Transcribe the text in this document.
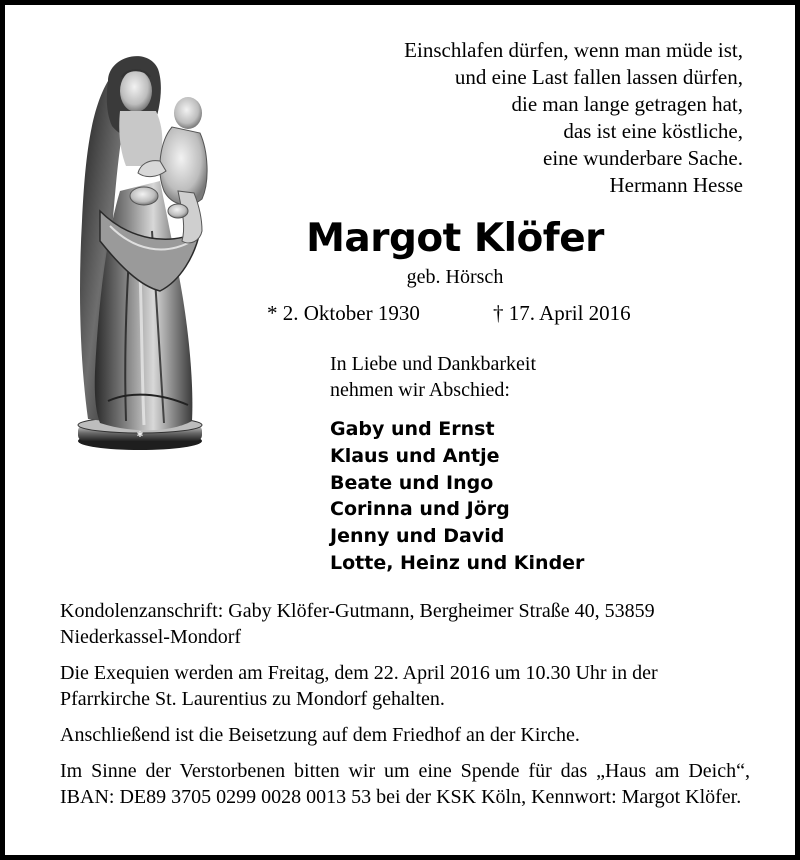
✱
Einschlafen dürfen, wenn man müde ist,
und eine Last fallen lassen dürfen,
die man lange getragen hat,
das ist eine köstliche,
eine wunderbare Sache.
Hermann Hesse
Margot Klöfer
geb. Hörsch
* 2. Oktober 1930	† 17. April 2016
In Liebe und Dankbarkeit
nehmen wir Abschied:
Gaby und Ernst
Klaus und Antje
Beate und Ingo
Corinna und Jörg
Jenny und David
Lotte, Heinz und Kinder

Kondolenzanschrift: Gaby Klöfer-Gutmann, Bergheimer Straße 40, 53859 Niederkassel-Mondorf

Die Exequien werden am Freitag, dem 22. April 2016 um 10.30 Uhr in der Pfarrkirche St. Laurentius zu Mondorf gehalten.

Anschließend ist die Beisetzung auf dem Friedhof an der Kirche.

Im Sinne der Verstorbenen bitten wir um eine Spende für das „Haus am Deich“, IBAN: DE89 3705 0299 0028 0013 53 bei der KSK Köln, Kennwort: Margot Klöfer.
